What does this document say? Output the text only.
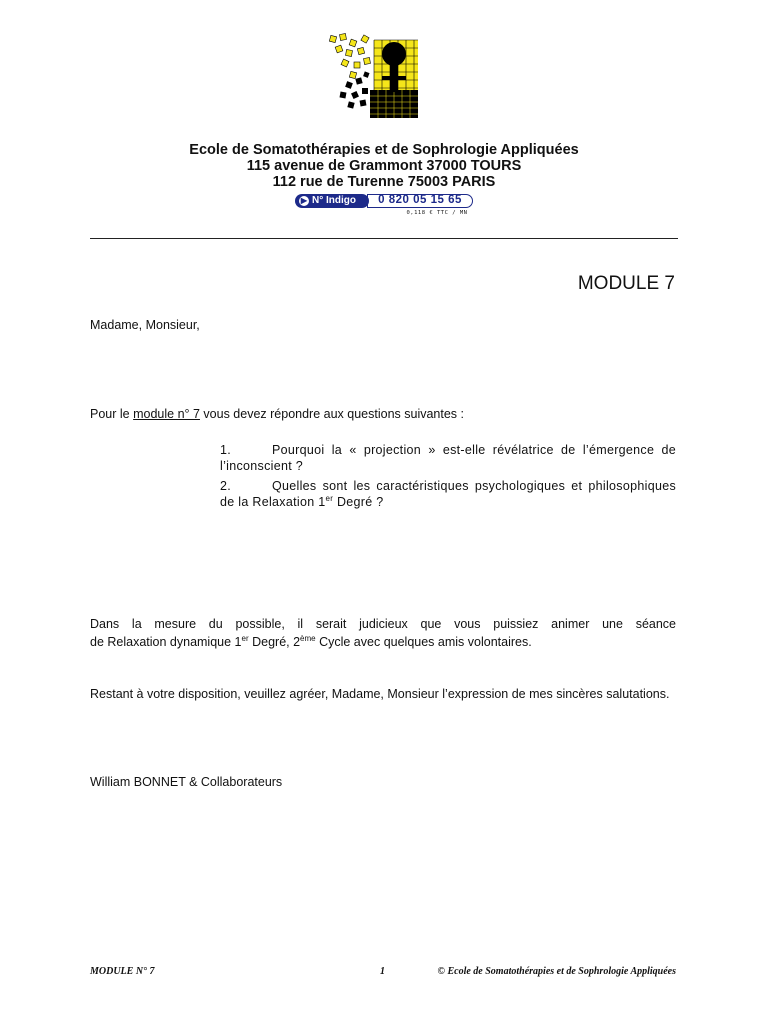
Ecole de Somatothérapies et de Sophrologie Appliquées
115 avenue de Grammont 37000 TOURS
112 rue de Turenne 75003 PARIS
▶ N° Indigo	0 820 05 15 65
0,118 € TTC / MN
MODULE 7
Madame, Monsieur,
Pour le module n° 7 vous devez répondre aux questions suivantes :
1.	Pourquoi la « projection » est-elle révélatrice de l’émergence de l’inconscient ?
2.	Quelles sont les caractéristiques psychologiques et philosophiques de la Relaxation 1er Degré ?
Dans la mesure du possible, il serait judicieux que vous puissiez animer une séance
de Relaxation dynamique 1er Degré, 2ème Cycle avec quelques amis volontaires.
Restant à votre disposition, veuillez agréer, Madame, Monsieur l’expression de mes sincères salutations.
William BONNET & Collaborateurs
MODULE N° 7	1	© Ecole de Somatothérapies et de Sophrologie Appliquées
